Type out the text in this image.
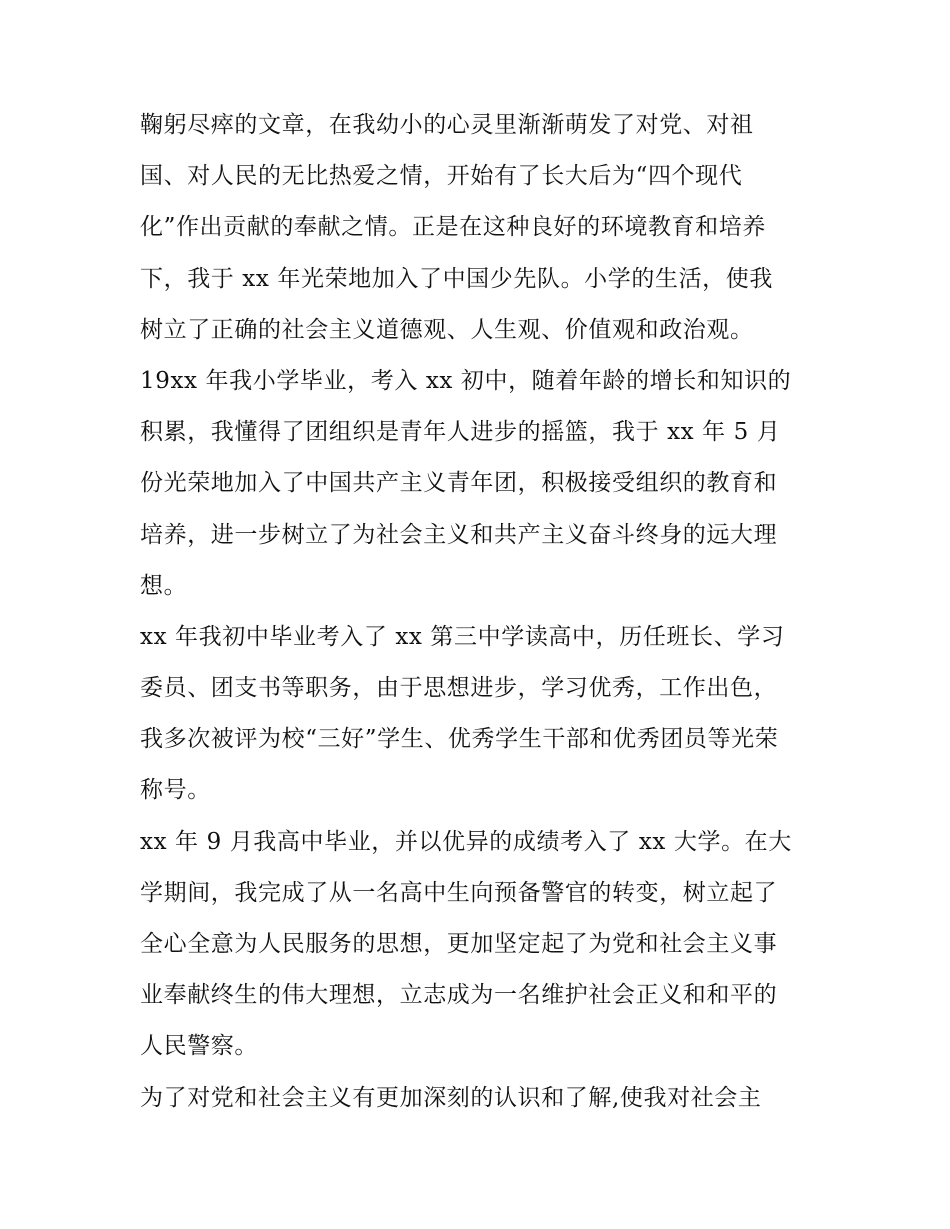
鞠躬尽瘁的文章，在我幼小的心灵里渐渐萌发了对党、对祖
国、对人民的无比热爱之情，开始有了长大后为“四个现代
化”作出贡献的奉献之情。正是在这种良好的环境教育和培养
下，我于 xx 年光荣地加入了中国少先队。小学的生活，使我
树立了正确的社会主义道德观、人生观、价值观和政治观。
19xx 年我小学毕业，考入 xx 初中，随着年龄的增长和知识的
积累，我懂得了团组织是青年人进步的摇篮，我于 xx 年 5 月
份光荣地加入了中国共产主义青年团，积极接受组织的教育和
培养，进一步树立了为社会主义和共产主义奋斗终身的远大理
想。
xx 年我初中毕业考入了 xx 第三中学读高中，历任班长、学习
委员、团支书等职务，由于思想进步，学习优秀，工作出色，
我多次被评为校“三好”学生、优秀学生干部和优秀团员等光荣
称号。
xx 年 9 月我高中毕业，并以优异的成绩考入了 xx 大学。在大
学期间，我完成了从一名高中生向预备警官的转变，树立起了
全心全意为人民服务的思想，更加坚定起了为党和社会主义事
业奉献终生的伟大理想，立志成为一名维护社会正义和和平的
人民警察。
为了对党和社会主义有更加深刻的认识和了解,使我对社会主
